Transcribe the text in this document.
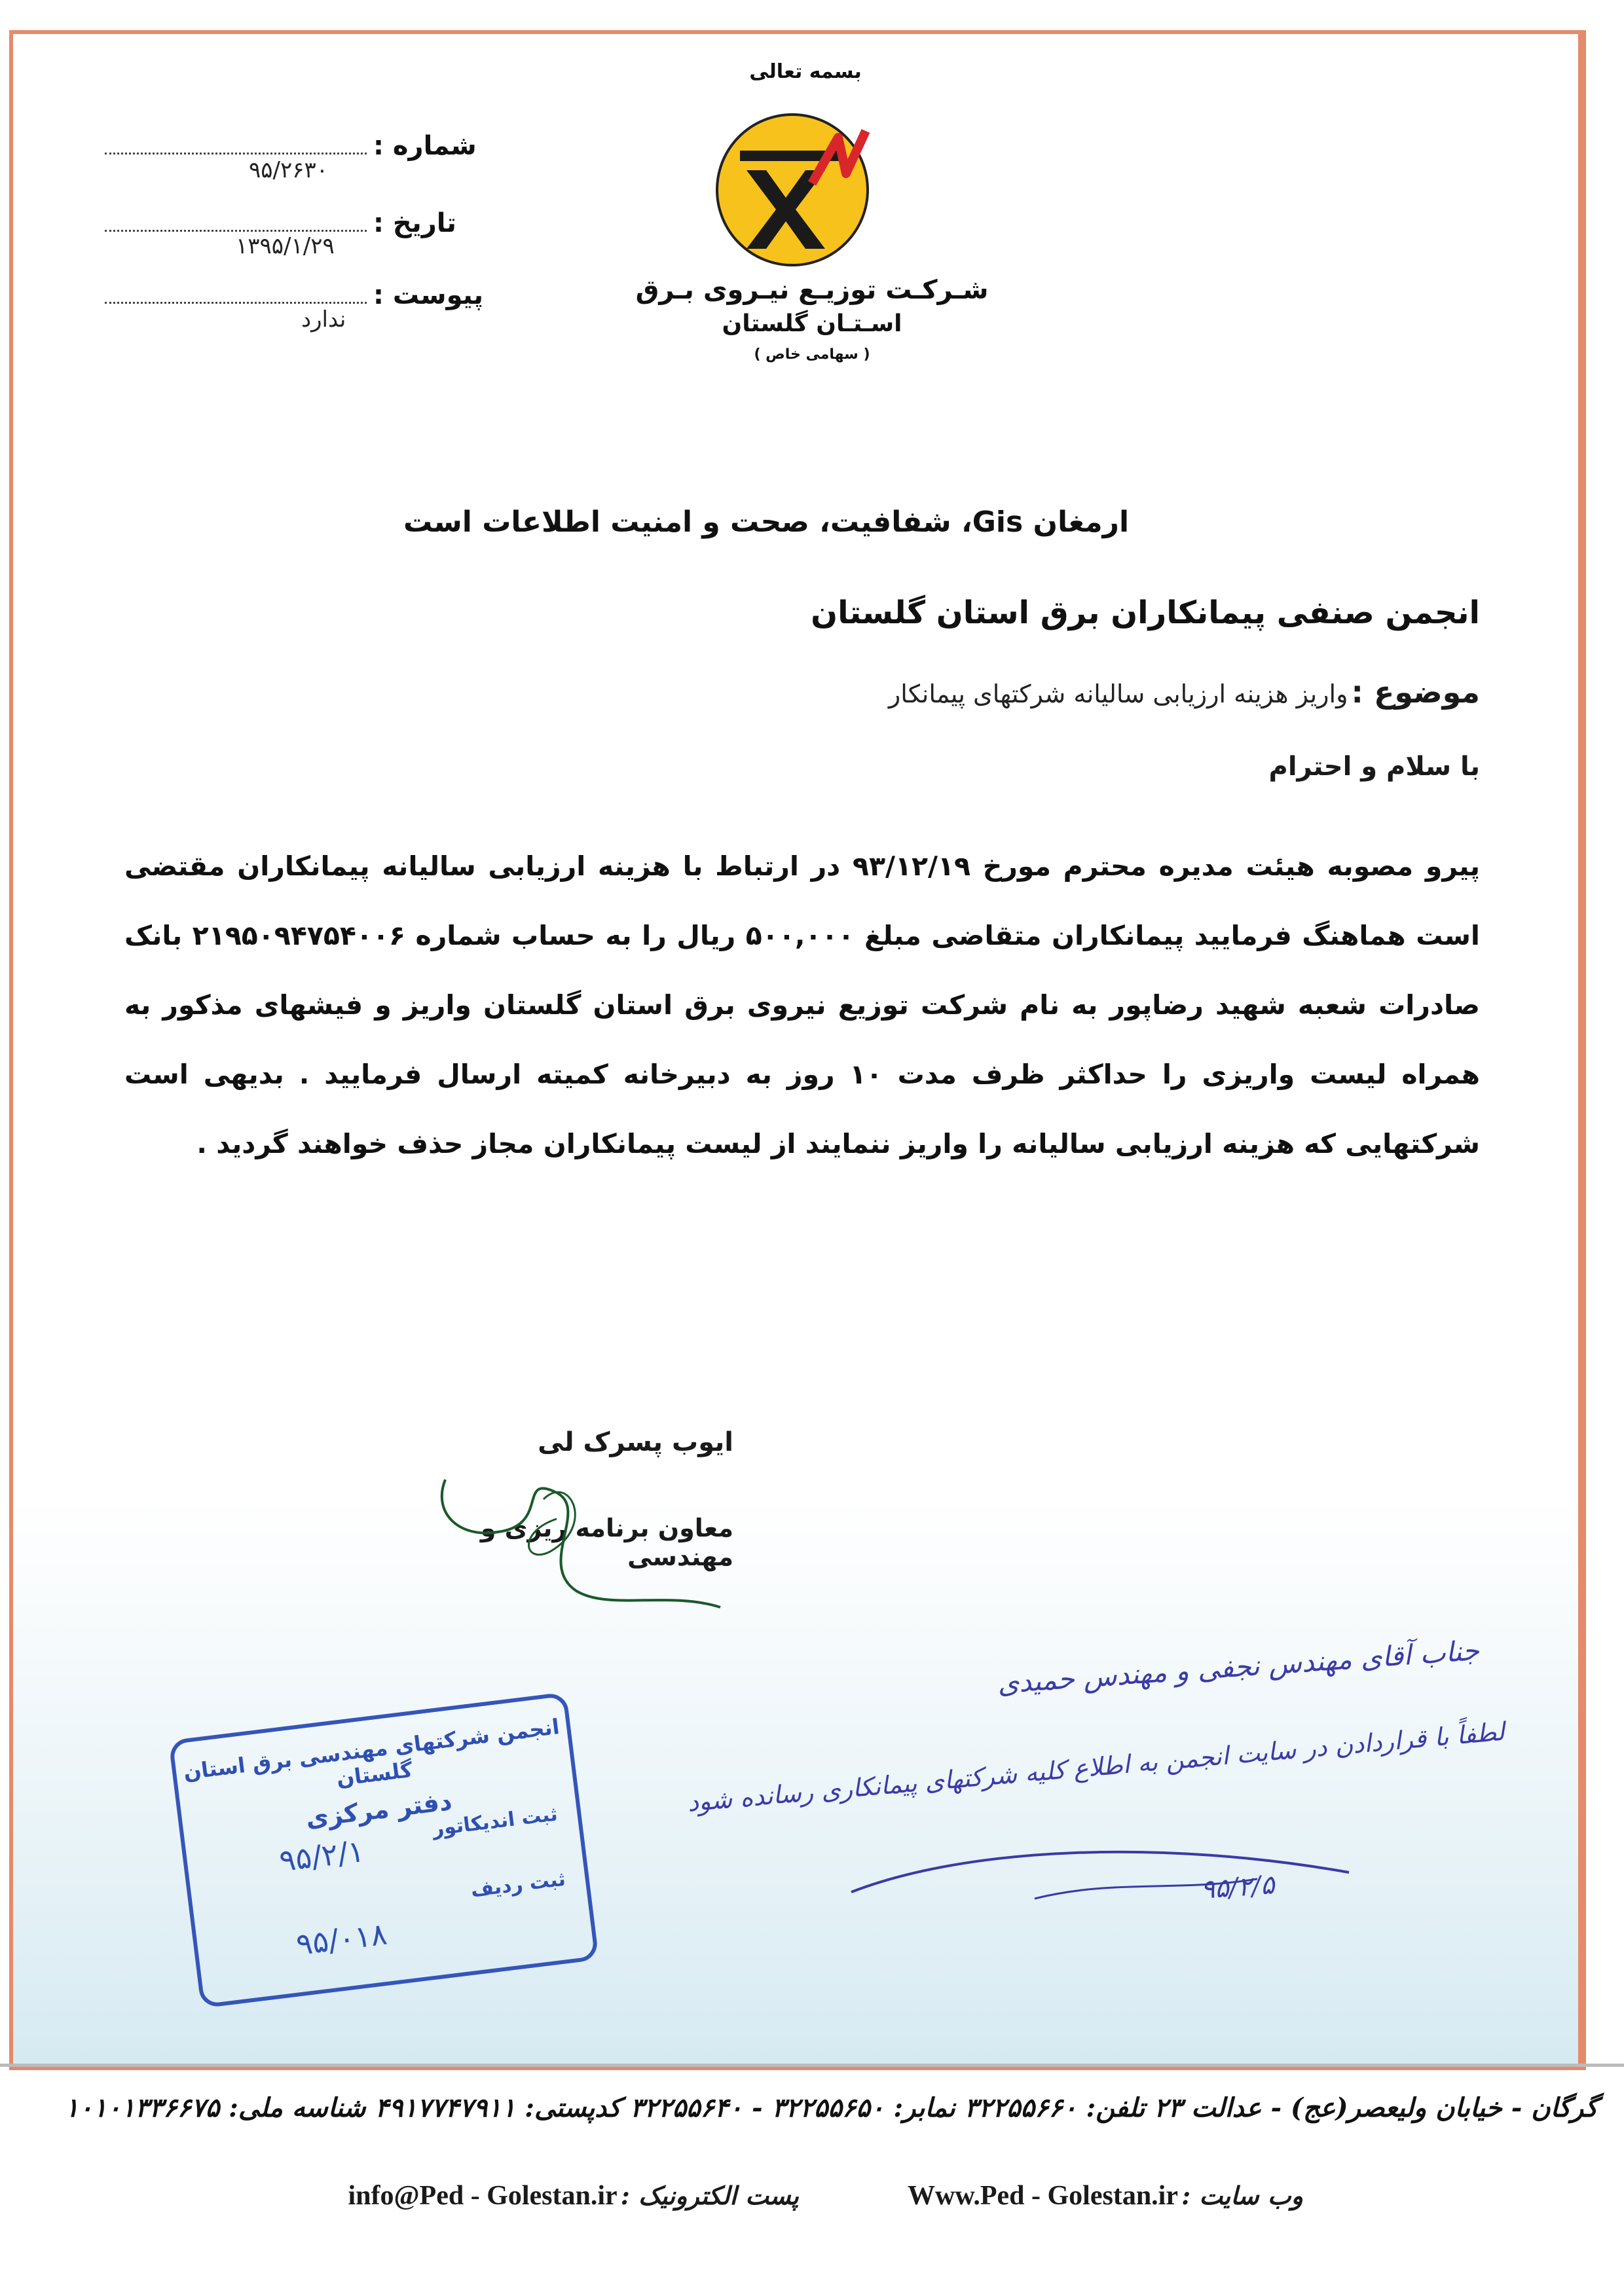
شماره :
۹۵/۲۶۳۰
تاریخ :
۱۳۹۵/۱/۲۹
پیوست :
ندارد
بسمه تعالی
شـرکـت توزیـع نیـروی بـرق
اسـتـان گلستان
( سهامی خاص )
ارمغان Gis، شفافیت، صحت و امنیت اطلاعات است
انجمن صنفی پیمانکاران برق استان گلستان
موضوع : واریز هزینه ارزیابی سالیانه شرکتهای پیمانکار
با سلام و احترام
پیرو مصوبه هیئت مدیره محترم مورخ ۹۳/۱۲/۱۹ در ارتباط با هزینه ارزیابی سالیانه پیمانکاران مقتضی است هماهنگ فرمایید پیمانکاران متقاضی مبلغ ۵۰۰,۰۰۰ ریال را به حساب شماره ۲۱۹۵۰۹۴۷۵۴۰۰۶ بانک صادرات شعبه شهید رضاپور به نام شرکت توزیع نیروی برق استان گلستان واریز و فیشهای مذکور به همراه لیست واریزی را حداکثر ظرف مدت ۱۰ روز به دبیرخانه کمیته ارسال فرمایید . بدیهی است شرکتهایی که هزینه ارزیابی سالیانه را واریز ننمایند از لیست پیمانکاران مجاز حذف خواهند گردید .
ایوب پسرک لی
معاون برنامه ریزی و مهندسی
انجمن شرکتهای مهندسی برق استان گلستان
دفتر مرکزی
ثبت اندیکاتور
۹۵/۲/۱
ثبت ردیف
۹۵/۰۱۸
جناب آقای مهندس نجفی و مهندس حمیدی
لطفاً با قراردادن در سایت انجمن به اطلاع کلیه شرکتهای پیمانکاری رسانده شود
۹۵/۲/۵
گرگان - خیابان ولیعصر(عج) - عدالت ۲۳ تلفن: ۳۲۲۵۵۶۶۰ نمابر: ۳۲۲۵۵۶۵۰ - ۳۲۲۵۵۶۴۰ کدپستی: ۴۹۱۷۷۴۷۹۱۱ شناسه ملی: ۱۰۱۰۱۳۳۶۶۷۵
وب سایت : Www.Ped - Golestan.ir
پست الکترونیک : info@Ped - Golestan.ir
